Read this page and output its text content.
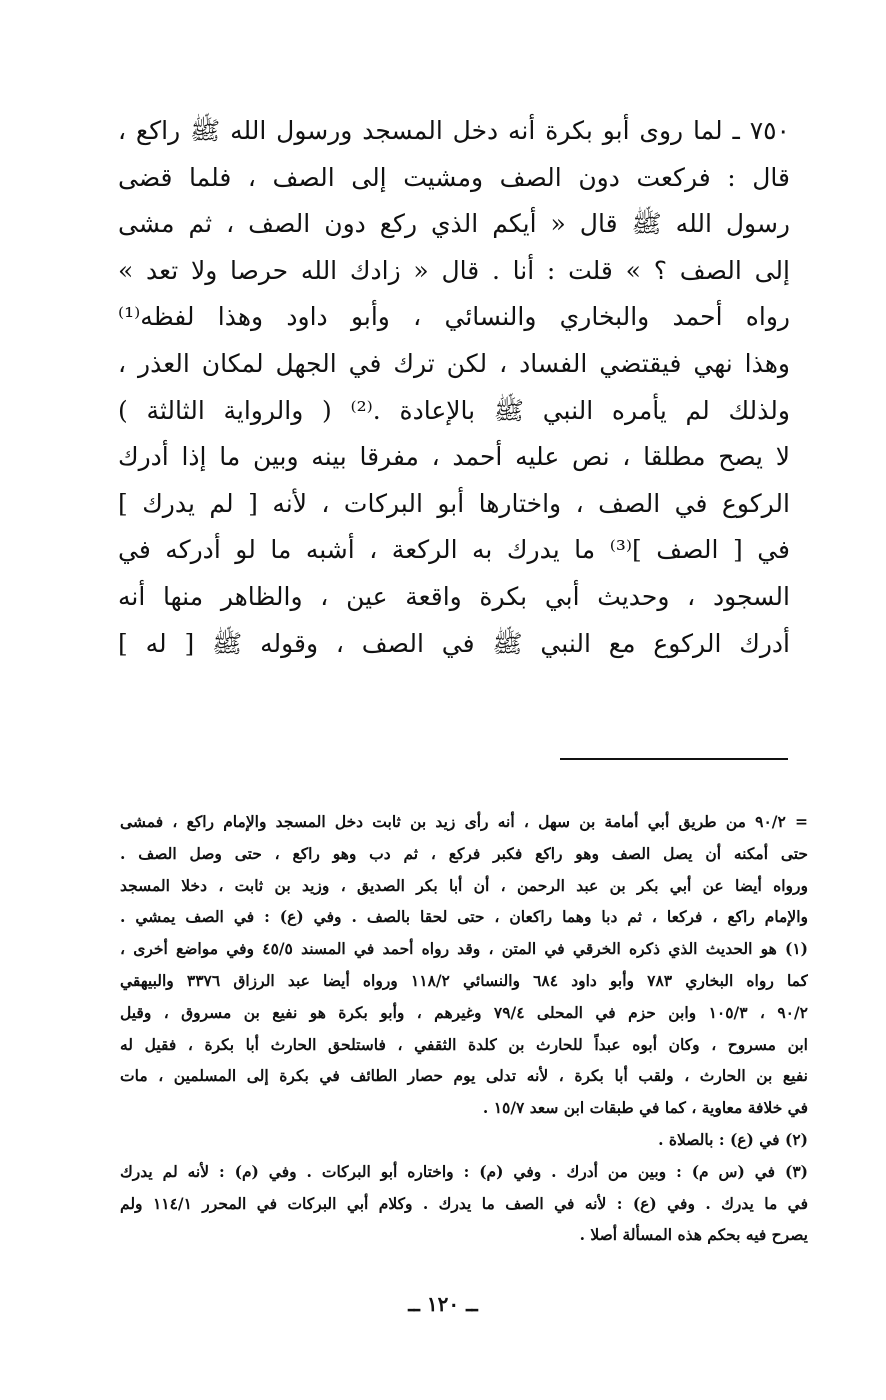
٧٥٠ ـ لما روى أبو بكرة أنه دخل المسجد ورسول الله ﷺ راكع ،
قال : فركعت دون الصف ومشيت إلى الصف ، فلما قضى
رسول الله ﷺ قال « أيكم الذي ركع دون الصف ، ثم مشى
إلى الصف ؟ » قلت : أنا . قال « زادك الله حرصا ولا تعد »
رواه أحمد والبخاري والنسائي ، وأبو داود وهذا لفظه⁽¹⁾
وهذا نهي فيقتضي الفساد ، لكن ترك في الجهل لمكان العذر ،
ولذلك لم يأمره النبي ﷺ بالإعادة .⁽²⁾ ( والرواية الثالثة )
لا يصح مطلقا ، نص عليه أحمد ، مفرقا بينه وبين ما إذا أدرك
الركوع في الصف ، واختارها أبو البركات ، لأنه [ لم يدرك ]
في [ الصف ]⁽³⁾ ما يدرك به الركعة ، أشبه ما لو أدركه في
السجود ، وحديث أبي بكرة واقعة عين ، والظاهر منها أنه
أدرك الركوع مع النبي ﷺ في الصف ، وقوله ﷺ [ له ]
= ٩٠/٢ من طريق أبي أمامة بن سهل ، أنه رأى زيد بن ثابت دخل المسجد والإمام راكع ، فمشى
حتى أمكنه أن يصل الصف وهو راكع فكبر فركع ، ثم دب وهو راكع ، حتى وصل الصف .
ورواه أيضا عن أبي بكر بن عبد الرحمن ، أن أبا بكر الصديق ، وزيد بن ثابت ، دخلا المسجد
والإمام راكع ، فركعا ، ثم دبا وهما راكعان ، حتى لحقا بالصف . وفي (ع) : في الصف يمشي .
(١) هو الحديث الذي ذكره الخرقي في المتن ، وقد رواه أحمد في المسند ٤٥/٥ وفي مواضع أخرى ،
كما رواه البخاري ٧٨٣ وأبو داود ٦٨٤ والنسائي ١١٨/٢ ورواه أيضا عبد الرزاق ٣٣٧٦ والبيهقي
٩٠/٢ ، ١٠٥/٣ وابن حزم في المحلى ٧٩/٤ وغيرهم ، وأبو بكرة هو نفيع بن مسروق ، وقيل
ابن مسروح ، وكان أبوه عبداً للحارث بن كلدة الثقفي ، فاستلحق الحارث أبا بكرة ، فقيل له
نفيع بن الحارث ، ولقب أبا بكرة ، لأنه تدلى يوم حصار الطائف في بكرة إلى المسلمين ، مات
في خلافة معاوية ، كما في طبقات ابن سعد ١٥/٧ .
(٢) في (ع) : بالصلاة .
(٣) في (س م) : وبين من أدرك . وفي (م) : واختاره أبو البركات . وفي (م) : لأنه لم يدرك
في ما يدرك . وفي (ع) : لأنه في الصف ما يدرك . وكلام أبي البركات في المحرر ١١٤/١ ولم
يصرح فيه بحكم هذه المسألة أصلا .
ــ ١٢٠ ــ
